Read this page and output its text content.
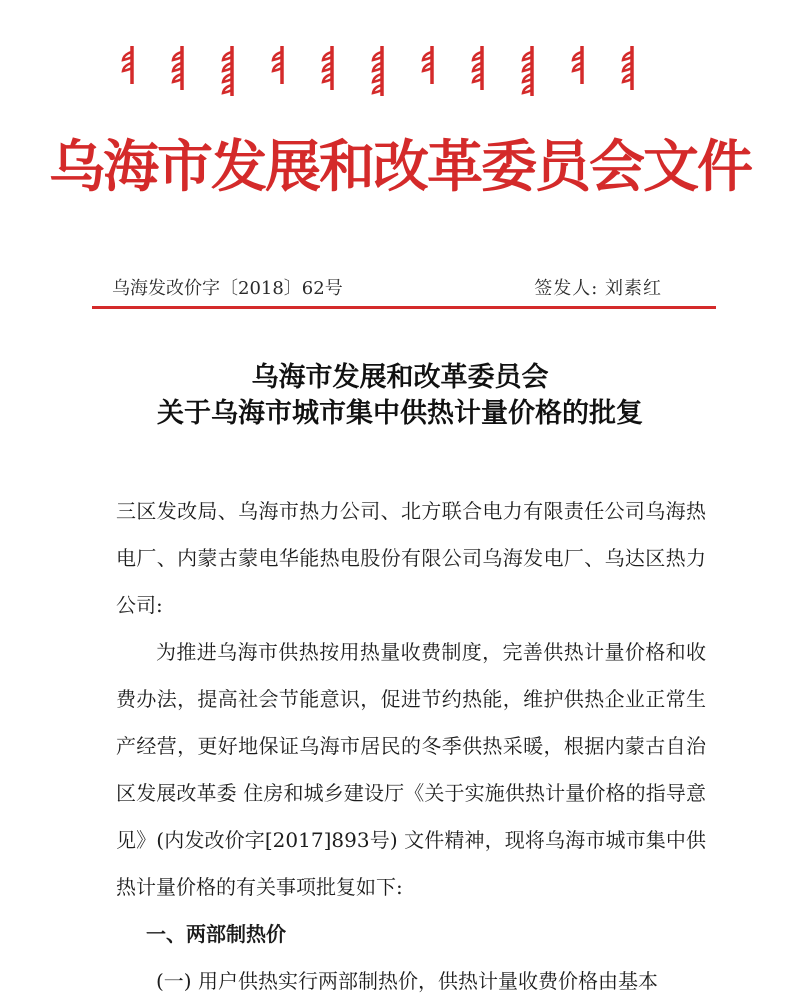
乌海市发展和改革委员会文件
乌海发改价字〔2018〕62号	签发人: 刘素红
乌海市发展和改革委员会
关于乌海市城市集中供热计量价格的批复

三区发改局、乌海市热力公司、北方联合电力有限责任公司乌海热电厂、内蒙古蒙电华能热电股份有限公司乌海发电厂、乌达区热力公司:

为推进乌海市供热按用热量收费制度，完善供热计量价格和收费办法，提高社会节能意识，促进节约热能，维护供热企业正常生产经营，更好地保证乌海市居民的冬季供热采暖，根据内蒙古自治区发展改革委 住房和城乡建设厅《关于实施供热计量价格的指导意见》(内发改价字[2017]893号) 文件精神，现将乌海市城市集中供热计量价格的有关事项批复如下:

一、两部制热价

(一) 用户供热实行两部制热价，供热计量收费价格由基本
